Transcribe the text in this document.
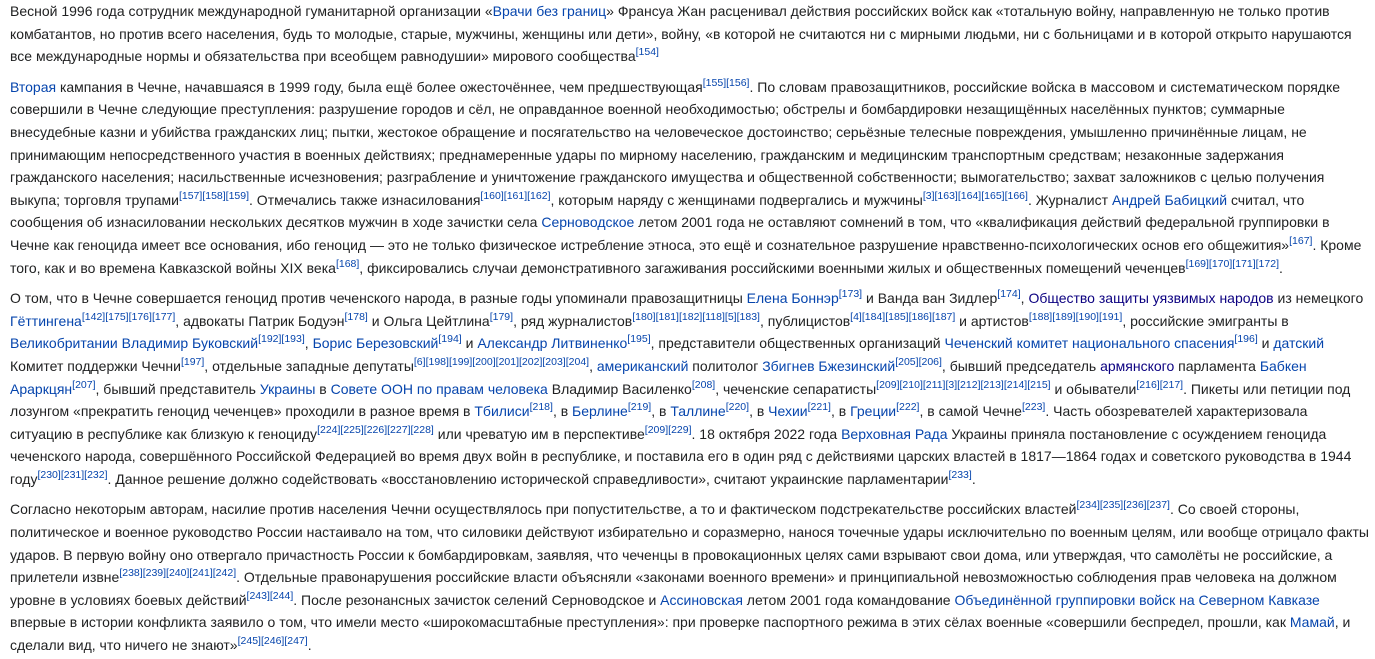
Весной 1996 года сотрудник международной гуманитарной организации «Врачи без границ» Франсуа Жан расценивал действия российских войск как «тотальную войну, направленную не только против комбатантов, но против всего населения, будь то молодые, старые, мужчины, женщины или дети», войну, «в которой не считаются ни с мирными людьми, ни с больницами и в которой открыто нарушаются все международные нормы и обязательства при всеобщем равнодушии» мирового сообщества[154]

Вторая кампания в Чечне, начавшаяся в 1999 году, была ещё более ожесточённее, чем предшествующая[155][156]. По словам правозащитников, российские войска в массовом и систематическом порядке совершили в Чечне следующие преступления: разрушение городов и сёл, не оправданное военной необходимостью; обстрелы и бомбардировки незащищённых населённых пунктов; суммарные внесудебные казни и убийства гражданских лиц; пытки, жестокое обращение и посягательство на человеческое достоинство; серьёзные телесные повреждения, умышленно причинённые лицам, не принимающим непосредственного участия в военных действиях; преднамеренные удары по мирному населению, гражданским и медицинским транспортным средствам; незаконные задержания гражданского населения; насильственные исчезновения; разграбление и уничтожение гражданского имущества и общественной собственности; вымогательство; захват заложников с целью получения выкупа; торговля трупами[157][158][159]. Отмечались также изнасилования[160][161][162], которым наряду с женщинами подвергались и мужчины[3][163][164][165][166]. Журналист Андрей Бабицкий считал, что сообщения об изнасиловании нескольких десятков мужчин в ходе зачистки села Серноводское летом 2001 года не оставляют сомнений в том, что «квалификация действий федеральной группировки в Чечне как геноцида имеет все основания, ибо геноцид — это не только физическое истребление этноса, это ещё и сознательное разрушение нравственно-психологических основ его общежития»[167]. Кроме того, как и во времена Кавказской войны XIX века[168], фиксировались случаи демонстративного загаживания российскими военными жилых и общественных помещений чеченцев[169][170][171][172].

О том, что в Чечне совершается геноцид против чеченского народа, в разные годы упоминали правозащитницы Елена Боннэр[173] и Ванда ван Зидлер[174], Общество защиты уязвимых народов из немецкого Гёттингена[142][175][176][177], адвокаты Патрик Бодуэн[178] и Ольга Цейтлина[179], ряд журналистов[180][181][182][118][5][183], публицистов[4][184][185][186][187] и артистов[188][189][190][191], российские эмигранты в Великобритании Владимир Буковский[192][193], Борис Березовский[194] и Александр Литвиненко[195], представители общественных организаций Чеченский комитет национального спасения[196] и датский Комитет поддержки Чечни[197], отдельные западные депутаты[6][198][199][200][201][202][203][204], американский политолог Збигнев Бжезинский[205][206], бывший председатель армянского парламента Бабкен Араркцян[207], бывший представитель Украины в Совете ООН по правам человека Владимир Василенко[208], чеченские сепаратисты[209][210][211][3][212][213][214][215] и обыватели[216][217]. Пикеты или петиции под лозунгом «прекратить геноцид чеченцев» проходили в разное время в Тбилиси[218], в Берлине[219], в Таллине[220], в Чехии[221], в Греции[222], в самой Чечне[223]. Часть обозревателей характеризовала ситуацию в республике как близкую к геноциду[224][225][226][227][228] или чреватую им в перспективе[209][229]. 18 октября 2022 года Верховная Рада Украины приняла постановление с осуждением геноцида чеченского народа, совершённого Российской Федерацией во время двух войн в республике, и поставила его в один ряд с действиями царских властей в 1817—1864 годах и советского руководства в 1944 году[230][231][232]. Данное решение должно содействовать «восстановлению исторической справедливости», считают украинские парламентарии[233].

Согласно некоторым авторам, насилие против населения Чечни осуществлялось при попустительстве, а то и фактическом подстрекательстве российских властей[234][235][236][237]. Со своей стороны, политическое и военное руководство России настаивало на том, что силовики действуют избирательно и соразмерно, нанося точечные удары исключительно по военным целям, или вообще отрицало факты ударов. В первую войну оно отвергало причастность России к бомбардировкам, заявляя, что чеченцы в провокационных целях сами взрывают свои дома, или утверждая, что самолёты не российские, а прилетели извне[238][239][240][241][242]. Отдельные правонарушения российские власти объясняли «законами военного времени» и принципиальной невозможностью соблюдения прав человека на должном уровне в условиях боевых действий[243][244]. После резонансных зачисток селений Серноводское и Ассиновская летом 2001 года командование Объединённой группировки войск на Северном Кавказе впервые в истории конфликта заявило о том, что имели место «широкомасштабные преступления»: при проверке паспортного режима в этих сёлах военные «совершили беспредел, прошли, как Мамай, и сделали вид, что ничего не знают»[245][246][247].
